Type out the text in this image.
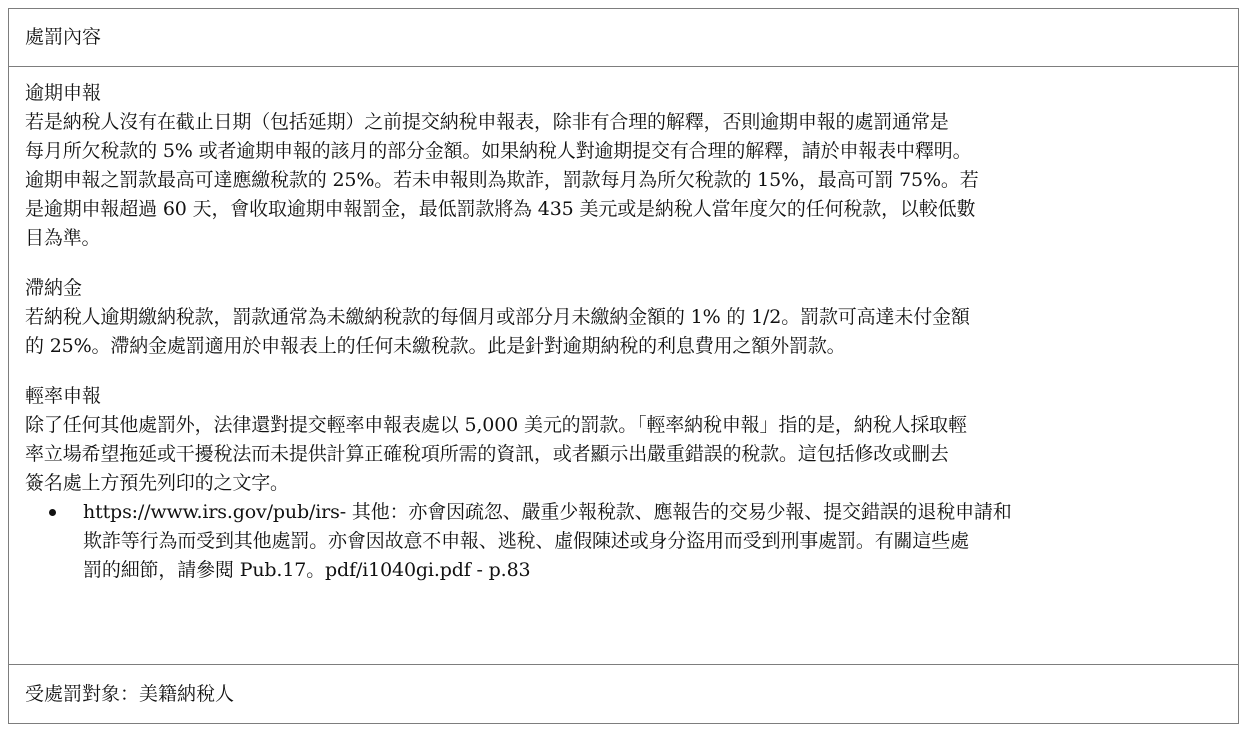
處罰內容
逾期申報
若是納稅人沒有在截止日期（包括延期）之前提交納稅申報表，除非有合理的解釋，否則逾期申報的處罰通常是
每月所欠稅款的 5% 或者逾期申報的該月的部分金額。如果納稅人對逾期提交有合理的解釋，請於申報表中釋明。
逾期申報之罰款最高可達應繳稅款的 25%。若未申報則為欺詐，罰款每月為所欠稅款的 15%，最高可罰 75%。若
是逾期申報超過 60 天，會收取逾期申報罰金，最低罰款將為 435 美元或是納稅人當年度欠的任何稅款，以較低數
目為準。
滯納金
若納稅人逾期繳納稅款，罰款通常為未繳納稅款的每個月或部分月未繳納金額的 1% 的 1/2。罰款可高達未付金額
的 25%。滯納金處罰適用於申報表上的任何未繳稅款。此是針對逾期納稅的利息費用之額外罰款。
輕率申報
除了任何其他處罰外，法律還對提交輕率申報表處以 5,000 美元的罰款。「輕率納稅申報」指的是，納稅人採取輕
率立場希望拖延或干擾稅法而未提供計算正確稅項所需的資訊，或者顯示出嚴重錯誤的稅款。這包括修改或刪去
簽名處上方預先列印的之文字。
https://www.irs.gov/pub/irs- 其他：亦會因疏忽、嚴重少報稅款、應報告的交易少報、提交錯誤的退稅申請和
欺詐等行為而受到其他處罰。亦會因故意不申報、逃稅、虛假陳述或身分盜用而受到刑事處罰。有關這些處
罰的細節，請參閱 Pub.17。pdf/i1040gi.pdf - p.83
受處罰對象：美籍納稅人
